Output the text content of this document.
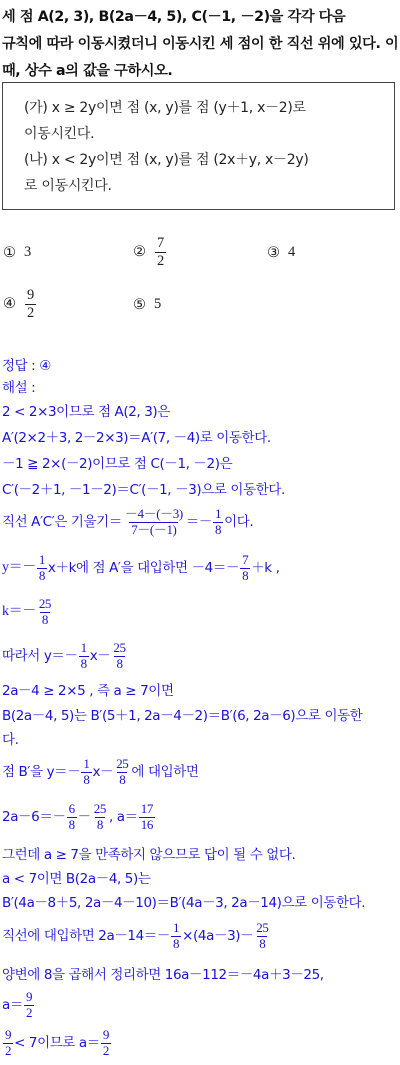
세 점 A(2, 3), B(2a－4, 5), C(－1, －2)을 각각 다음
규칙에 따라 이동시켰더니 이동시킨 세 점이 한 직선 위에 있다. 이
때, 상수 a의 값을 구하시오.
(가) x ≥ 2y이면 점 (x, y)를 점 (y＋1, x－2)로
이동시킨다.
(나) x < 2y이면 점 (x, y)를 점 (2x＋y, x－2y)
로 이동시킨다.
① 3	② $\frac{7}{2}$	③ 4
④ $\frac{9}{2}$	⑤ 5
정답 : ④
해설 :
2 < 2×3이므로 점 A(2, 3)은
A′(2×2＋3, 2－2×3)＝A′(7, －4)로 이동한다.
－1 ≧ 2×(－2)이므로 점 C(－1, －2)은
C′(－2＋1, －1－2)＝C′(－1, －3)으로 이동한다.
직선 A′C′은 기울기＝ $\frac{-4-(-3)}{7-(-1)} =- \frac{1}{8}$ 이다.
$y=- \frac{1}{8} x+k$에 점 A′을 대입하면 $-4=- \frac{7}{8} +k$ ,
$k=- \frac{25}{8}$
따라서 $y=- \frac{1}{8} x- \frac{25}{8}$
2a－4 ≥ 2×5 , 즉 a ≥ 7이면
B(2a－4, 5)는 B′(5＋1, 2a－4－2)＝B′(6, 2a－6)으로 이동한
다.
점 B′을 $y=- \frac{1}{8} x- \frac{25}{8}$ 에 대입하면
$2a-6=- \frac{6}{8} - \frac{25}{8}$ , $a= \frac{17}{16}$
그런데 a ≥ 7을 만족하지 않으므로 답이 될 수 없다.
a < 7이면 B(2a－4, 5)는
B′(4a－8＋5, 2a－4－10)＝B′(4a－3, 2a－14)으로 이동한다.
직선에 대입하면 $2a-14=- \frac{1}{8} \times(4a-3)- \frac{25}{8}$
양변에 8을 곱해서 정리하면 16a－112＝－4a＋3－25,
$a= \frac{9}{2}$
$\frac{9}{2} < 7$이므로 $a= \frac{9}{2}$
